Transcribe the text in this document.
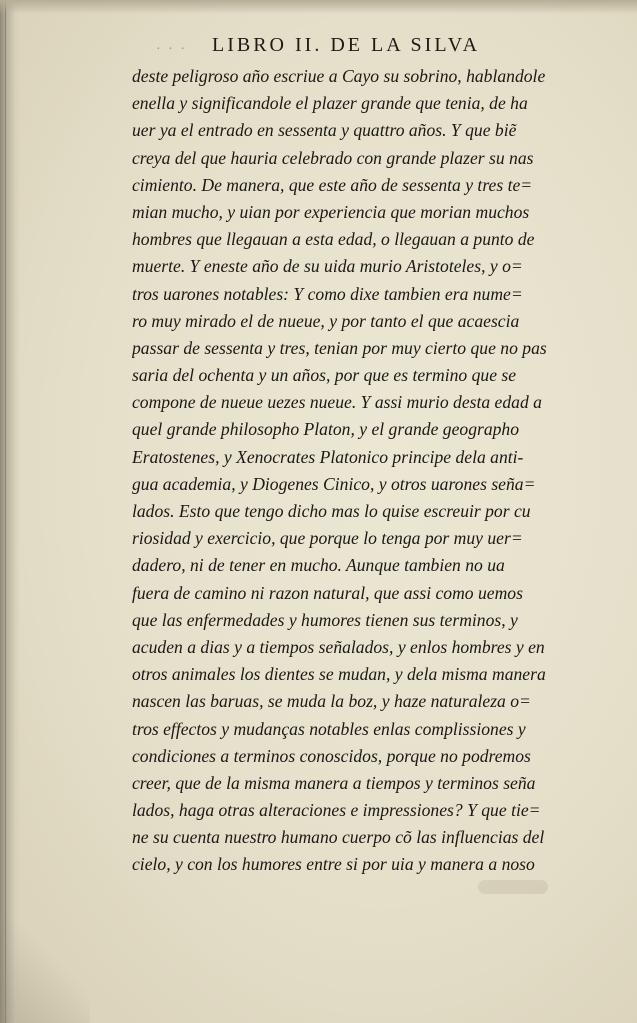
· · · LIBRO II. DE LA SILVA
deste peligroso año escriue a Cayo su sobrino, hablandole
enella y significandole el plazer grande que tenia, de ha
uer ya el entrado en sessenta y quattro años. Y que biẽ
creya del que hauria celebrado con grande plazer su nas
cimiento. De manera, que este año de sessenta y tres te=
mian mucho, y uian por experiencia que morian muchos
hombres que llegauan a esta edad, o llegauan a punto de
muerte. Y eneste año de su uida murio Aristoteles, y o=
tros uarones notables: Y como dixe tambien era nume=
ro muy mirado el de nueue, y por tanto el que acaescia
passar de sessenta y tres, tenian por muy cierto que no pas
saria del ochenta y un años, por que es termino que se
compone de nueue uezes nueue. Y assi murio desta edad a
quel grande philosopho Platon, y el grande geographo
Eratostenes, y Xenocrates Platonico principe dela anti-
gua academia, y Diogenes Cinico, y otros uarones seña=
lados. Esto que tengo dicho mas lo quise escreuir por cu
riosidad y exercicio, que porque lo tenga por muy uer=
dadero, ni de tener en mucho. Aunque tambien no ua
fuera de camino ni razon natural, que assi como uemos
que las enfermedades y humores tienen sus terminos, y
acuden a dias y a tiempos señalados, y enlos hombres y en
otros animales los dientes se mudan, y dela misma manera
nascen las baruas, se muda la boz, y haze naturaleza o=
tros effectos y mudanças notables enlas complissiones y
condiciones a terminos conoscidos, porque no podremos
creer, que de la misma manera a tiempos y terminos seña
lados, haga otras alteraciones e impressiones? Y que tie=
ne su cuenta nuestro humano cuerpo cõ las influencias del
cielo, y con los humores entre si por uia y manera a noso
